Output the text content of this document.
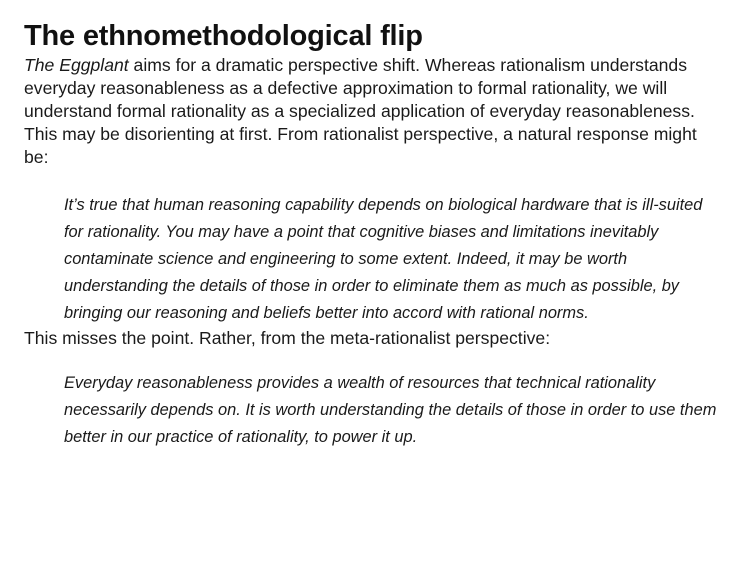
The ethnomethodological flip

The Eggplant aims for a dramatic perspective shift. Whereas rationalism understands everyday reasonableness as a defective approximation to formal rationality, we will understand formal rationality as a specialized application of everyday reasonableness.

This may be disorienting at first. From rationalist perspective, a natural response might be:

It’s true that human reasoning capability depends on biological hardware that is ill-suited for rationality. You may have a point that cognitive biases and limitations inevitably contaminate science and engineering to some extent. Indeed, it may be worth understanding the details of those in order to eliminate them as much as possible, by bringing our reasoning and beliefs better into accord with rational norms.

This misses the point. Rather, from the meta-rationalist perspective:

Everyday reasonableness provides a wealth of resources that technical rationality necessarily depends on. It is worth understanding the details of those in order to use them better in our practice of rationality, to power it up.
